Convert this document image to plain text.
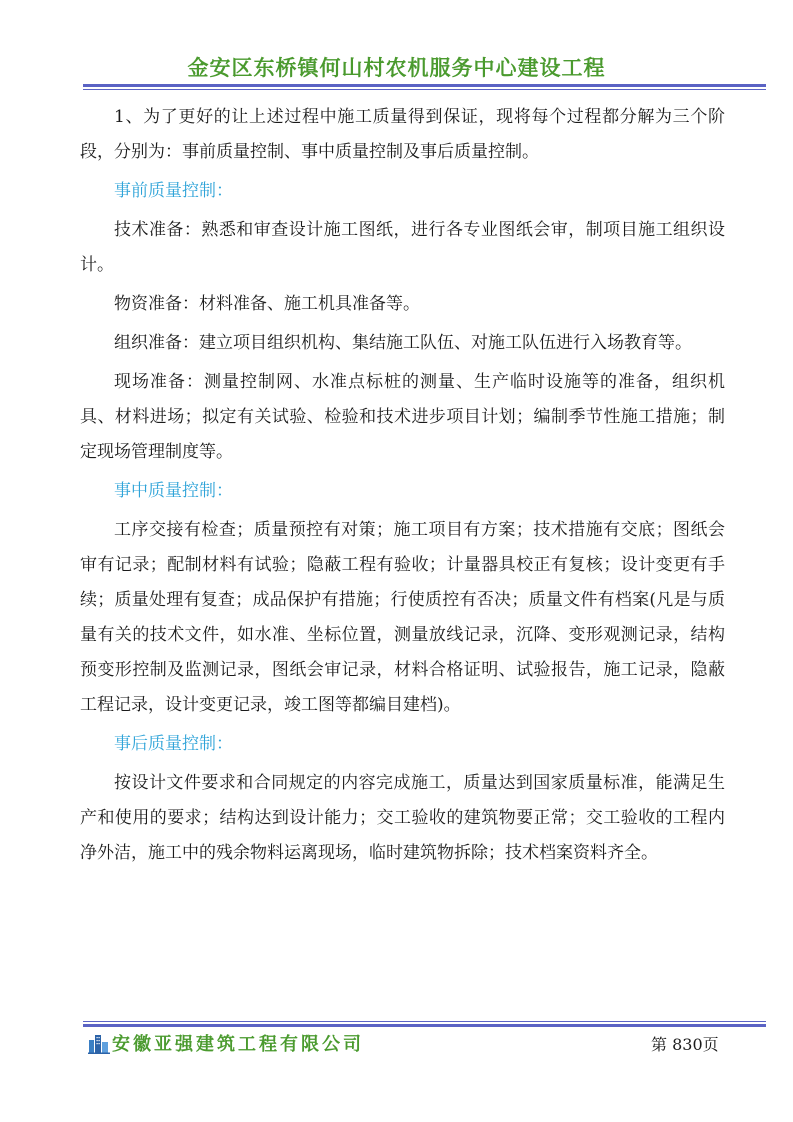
金安区东桥镇何山村农机服务中心建设工程

1、为了更好的让上述过程中施工质量得到保证，现将每个过程都分解为三个阶段，分别为：事前质量控制、事中质量控制及事后质量控制。

事前质量控制：

技术准备：熟悉和审查设计施工图纸，进行各专业图纸会审，制项目施工组织设计。

物资准备：材料准备、施工机具准备等。

组织准备：建立项目组织机构、集结施工队伍、对施工队伍进行入场教育等。

现场准备：测量控制网、水准点标桩的测量、生产临时设施等的准备，组织机具、材料进场；拟定有关试验、检验和技术进步项目计划；编制季节性施工措施；制定现场管理制度等。

事中质量控制：

工序交接有检查；质量预控有对策；施工项目有方案；技术措施有交底；图纸会审有记录；配制材料有试验；隐蔽工程有验收；计量器具校正有复核；设计变更有手续；质量处理有复查；成品保护有措施；行使质控有否决；质量文件有档案(凡是与质量有关的技术文件，如水准、坐标位置，测量放线记录，沉降、变形观测记录，结构预变形控制及监测记录，图纸会审记录，材料合格证明、试验报告，施工记录，隐蔽工程记录，设计变更记录，竣工图等都编目建档)。

事后质量控制：

按设计文件要求和合同规定的内容完成施工，质量达到国家质量标准，能满足生产和使用的要求；结构达到设计能力；交工验收的建筑物要正常；交工验收的工程内净外洁，施工中的残余物料运离现场，临时建筑物拆除；技术档案资料齐全。

安徽亚强建筑工程有限公司	第 830页
